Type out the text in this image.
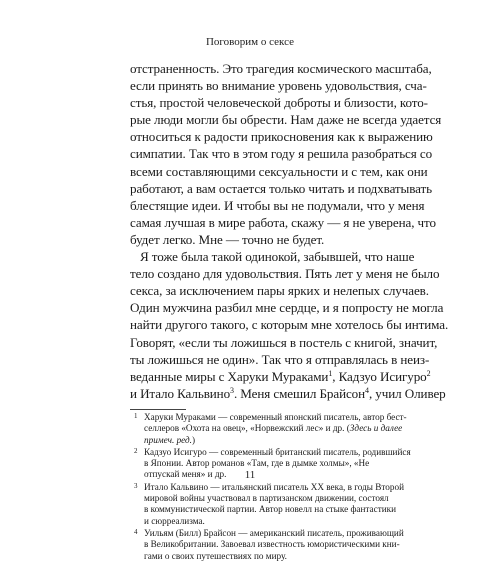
Поговорим о сексе
отстраненность. Это трагедия космического масштаба,
если принять во внимание уровень удовольствия, сча-
стья, простой человеческой доброты и близости, кото-
рые люди могли бы обрести. Нам даже не всегда удается
относиться к радости прикосновения как к выражению
симпатии. Так что в этом году я решила разобраться со
всеми составляющими сексуальности и с тем, как они
работают, а вам остается только читать и подхватывать
блестящие идеи. И чтобы вы не подумали, что у меня
самая лучшая в мире работа, скажу — я не уверена, что
будет легко. Мне — точно не будет.
Я тоже была такой одинокой, забывшей, что наше
тело создано для удовольствия. Пять лет у меня не было
секса, за исключением пары ярких и нелепых случаев.
Один мужчина разбил мне сердце, и я попросту не могла
найти другого такого, с которым мне хотелось бы интима.
Говорят, «если ты ложишься в постель с книгой, значит,
ты ложишься не один». Так что я отправлялась в неиз-
веданные миры с Харуки Мураками$^1$, Кадзуо Исигуро$^2$
и Итало Кальвино$^3$. Меня смешил Брайсон$^4$, учил Оливер
1 Харуки Мураками — современный японский писатель, автор бест-
селлеров «Охота на овец», «Норвежский лес» и др. (Здесь и далее
примеч. ред.)
2 Кадзуо Исигуро — современный британский писатель, родившийся
в Японии. Автор романов «Там, где в дымке холмы», «Не
отпускай меня» и др.
3 Итало Кальвино — итальянский писатель XX века, в годы Второй
мировой войны участвовал в партизанском движении, состоял
в коммунистической партии. Автор новелл на стыке фантастики
и сюрреализма.
4 Уильям (Билл) Брайсон — американский писатель, проживающий
в Великобритании. Завоевал известность юмористическими кни-
гами о своих путешествиях по миру.
11
